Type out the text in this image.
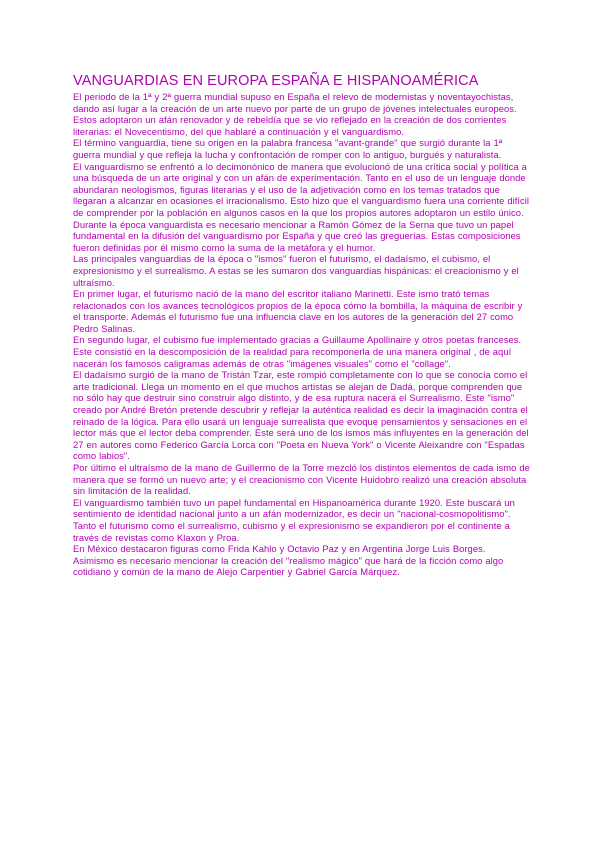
VANGUARDIAS EN EUROPA ESPAÑA E HISPANOAMÉRICA

El periodo de la 1ª y 2ª guerra mundial supuso en España el relevo de modernistas y noventayochistas, dando así lugar a la creación de un arte nuevo por parte de un grupo de jóvenes intelectuales europeos. Estos adoptaron un afán renovador y de rebeldía que se vio reflejado en la creación de dos corrientes literarias: el Novecentismo, del que hablaré a continuación y el vanguardismo.

El término vanguardia, tiene su origen en la palabra francesa "avant-grande" que surgió durante la 1ª guerra mundial y que refleja la lucha y confrontación de romper con lo antiguo, burgués y naturalista.

El vanguardismo se enfrentó a lo decimonónico de manera que evolucionó de una crítica social y política a una búsqueda de un arte original y con un afán de experimentación. Tanto en el uso de un lenguaje donde abundaran neologismos, figuras literarias y el uso de la adjetivación como en los temas tratados que llegaran a alcanzar en ocasiones el irracionalismo. Esto hizo que el vanguardismo fuera una corriente difícil de comprender por la población en algunos casos en la que los propios autores adoptaron un estilo único.

Durante la época vanguardista es necesario mencionar a Ramón Gómez de la Serna que tuvo un papel fundamental en la difusión del vanguardismo por España y que creó las greguerías. Estas composiciones fueron definidas por él mismo como la suma de la metáfora y el humor.

Las principales vanguardias de la época o "ismos" fueron el futurismo, el dadaísmo, el cubismo, el expresionismo y el surrealismo. A estas se les sumaron dos vanguardias hispánicas: el creacionismo y el ultraísmo.

En primer lugar, el futurismo nació de la mano del escritor italiano Marinetti. Este ismo trató temas relacionados con los avances tecnológicos propios de la época cómo la bombilla, la máquina de escribir y el transporte. Además el futurismo fue una influencia clave en los autores de la generación del 27 como Pedro Salinas.

En segundo lugar, el cubismo fue implementado gracias a Guillaume Apollinaire y otros poetas franceses. Este consistió en la descomposición de la realidad para recomponerla de una manera original , de aquí nacerán los famosos caligramas además de otras "imágenes visuales" como el "collage".

El dadaísmo surgió de la mano de Tristán Tzar, este rompió completamente con lo que se conocía como el arte tradicional. Llega un momento en el que muchos artistas se alejan de Dadá, porque comprenden que no sólo hay que destruir sino construir algo distinto, y de esa ruptura nacerá el Surrealismo. Este "ismo" creado por André Bretón pretende descubrir y reflejar la auténtica realidad es decir la imaginación contra el reinado de la lógica. Para ello usará un lenguaje surrealista que evoque pensamientos y sensaciones en el lector más que el lector deba comprender. Este será uno de los ismos más influyentes en la generación del 27 en autores como Federico García Lorca con "Poeta en Nueva York" o Vicente Aleixandre con "Espadas como labios".

Por último el ultraísmo de la mano de Guillermo de la Torre mezcló los distintos elementos de cada ismo de manera que se formó un nuevo arte; y el creacionismo con Vicente Huidobro realizó una creación absoluta sin limitación de la realidad.

El vanguardismo también tuvo un papel fundamental en Hispanoamérica durante 1920. Este buscará un sentimiento de identidad nacional junto a un afán modernizador, es decir un "nacional-cosmopolitismo". Tanto el futurismo como el surrealismo, cubismo y el expresionismo se expandieron por el continente a través de revistas como Klaxon y Proa.

En México destacaron figuras como Frida Kahlo y Octavio Paz y en Argentina Jorge Luis Borges.

Asimismo es necesario mencionar la creación del "realismo mágico" que hará de la ficción como algo cotidiano y común de la mano de Alejo Carpentier y Gabriel García Márquez.
